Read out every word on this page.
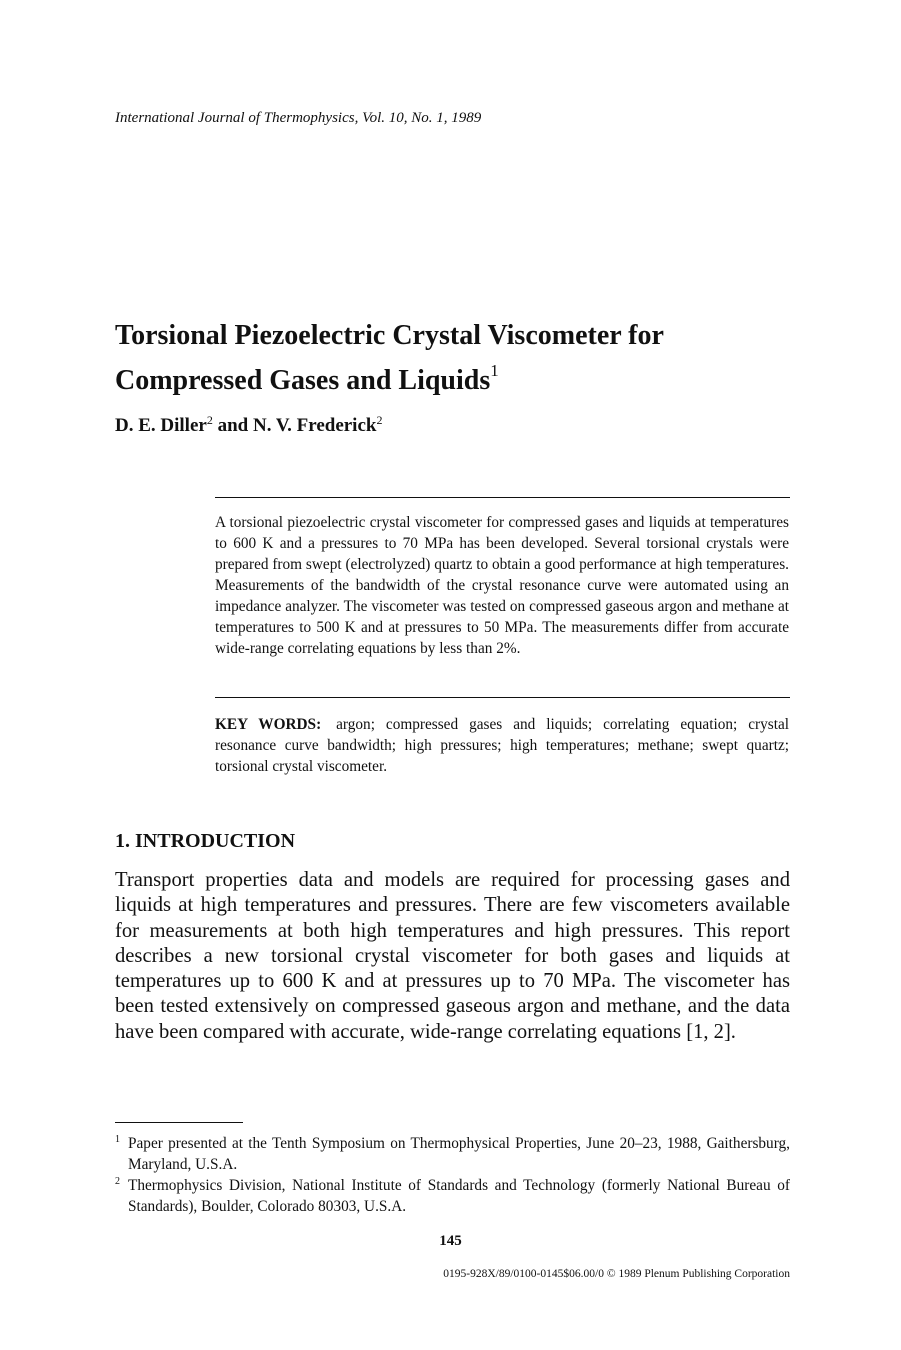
International Journal of Thermophysics, Vol. 10, No. 1, 1989
Torsional Piezoelectric Crystal Viscometer for
Compressed Gases and Liquids$^1$
D. E. Diller$^2$ and N. V. Frederick$^2$

A torsional piezoelectric crystal viscometer for compressed gases and liquids at temperatures to 600 K and a pressures to 70 MPa has been developed. Several torsional crystals were prepared from swept (electrolyzed) quartz to obtain a good performance at high temperatures. Measurements of the bandwidth of the crystal resonance curve were automated using an impedance analyzer. The viscometer was tested on compressed gaseous argon and methane at temperatures to 500 K and at pressures to 50 MPa. The measurements differ from accurate wide-range correlating equations by less than 2%.

KEY WORDS: argon; compressed gases and liquids; correlating equation; crystal resonance curve bandwidth; high pressures; high temperatures; methane; swept quartz; torsional crystal viscometer.

1. INTRODUCTION

Transport properties data and models are required for processing gases and liquids at high temperatures and pressures. There are few viscometers available for measurements at both high temperatures and high pressures. This report describes a new torsional crystal viscometer for both gases and liquids at temperatures up to 600 K and at pressures up to 70 MPa. The viscometer has been tested extensively on compressed gaseous argon and methane, and the data have been compared with accurate, wide-range correlating equations [1, 2].

1 Paper presented at the Tenth Symposium on Thermophysical Properties, June 20–23, 1988, Gaithersburg, Maryland, U.S.A.

2 Thermophysics Division, National Institute of Standards and Technology (formerly National Bureau of Standards), Boulder, Colorado 80303, U.S.A.

145
0195-928X/89/0100-0145$06.00/0 © 1989 Plenum Publishing Corporation
